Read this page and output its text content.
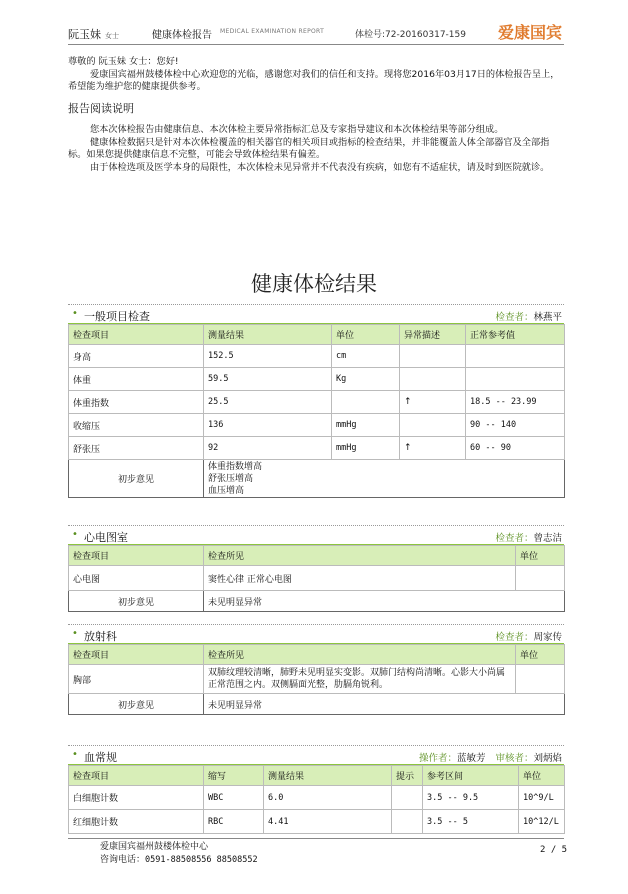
阮玉妹 女士	健康体检报告 MEDICAL EXAMINATION REPORT	体检号:72-20160317-159 爱康国宾
尊敬的 阮玉妹 女士：您好!
爱康国宾福州鼓楼体检中心欢迎您的光临，感谢您对我们的信任和支持。现将您2016年03月17日的体检报告呈上，希望能为维护您的健康提供参考。
报告阅读说明
您本次体检报告由健康信息、本次体检主要异常指标汇总及专家指导建议和本次体检结果等部分组成。
健康体检数据只是针对本次体检覆盖的相关器官的相关项目或指标的检查结果，并非能覆盖人体全部器官及全部指标。如果您提供健康信息不完整，可能会导致体检结果有偏差。
由于体检选项及医学本身的局限性，本次体检未见异常并不代表没有疾病，如您有不适症状，请及时到医院就诊。
健康体检结果
• 一般项目检查	检查者：林燕平
检查项目	测量结果	单位	异常描述	正常参考值
身高	152.5	cm		
体重	59.5	Kg		
体重指数	25.5		↑	18.5 -- 23.99
收缩压	136	mmHg		90 -- 140
舒张压	92	mmHg	↑	60 -- 90
初步意见	体重指数增高
舒张压增高
血压增高			
• 心电图室	检查者：曾志洁
检查项目	检查所见	单位
心电图	窦性心律 正常心电图	
初步意见	未见明显异常	
• 放射科	检查者：周家传
检查项目	检查所见	单位
胸部	双肺纹理较清晰，肺野未见明显实变影。双肺门结构尚清晰。心影大小尚属正常范围之内。双侧膈面光整，肋膈角锐利。	
初步意见	未见明显异常	
• 血常规	操作者：蓝敏芳 审核者：刘炳焰
检查项目	缩写	测量结果	提示	参考区间	单位
白细胞计数	WBC	6.0		3.5 -- 9.5	10^9/L
红细胞计数	RBC	4.41		3.5 -- 5	10^12/L
爱康国宾福州鼓楼体检中心
咨询电话：0591-88508556 88508552
2 / 5
